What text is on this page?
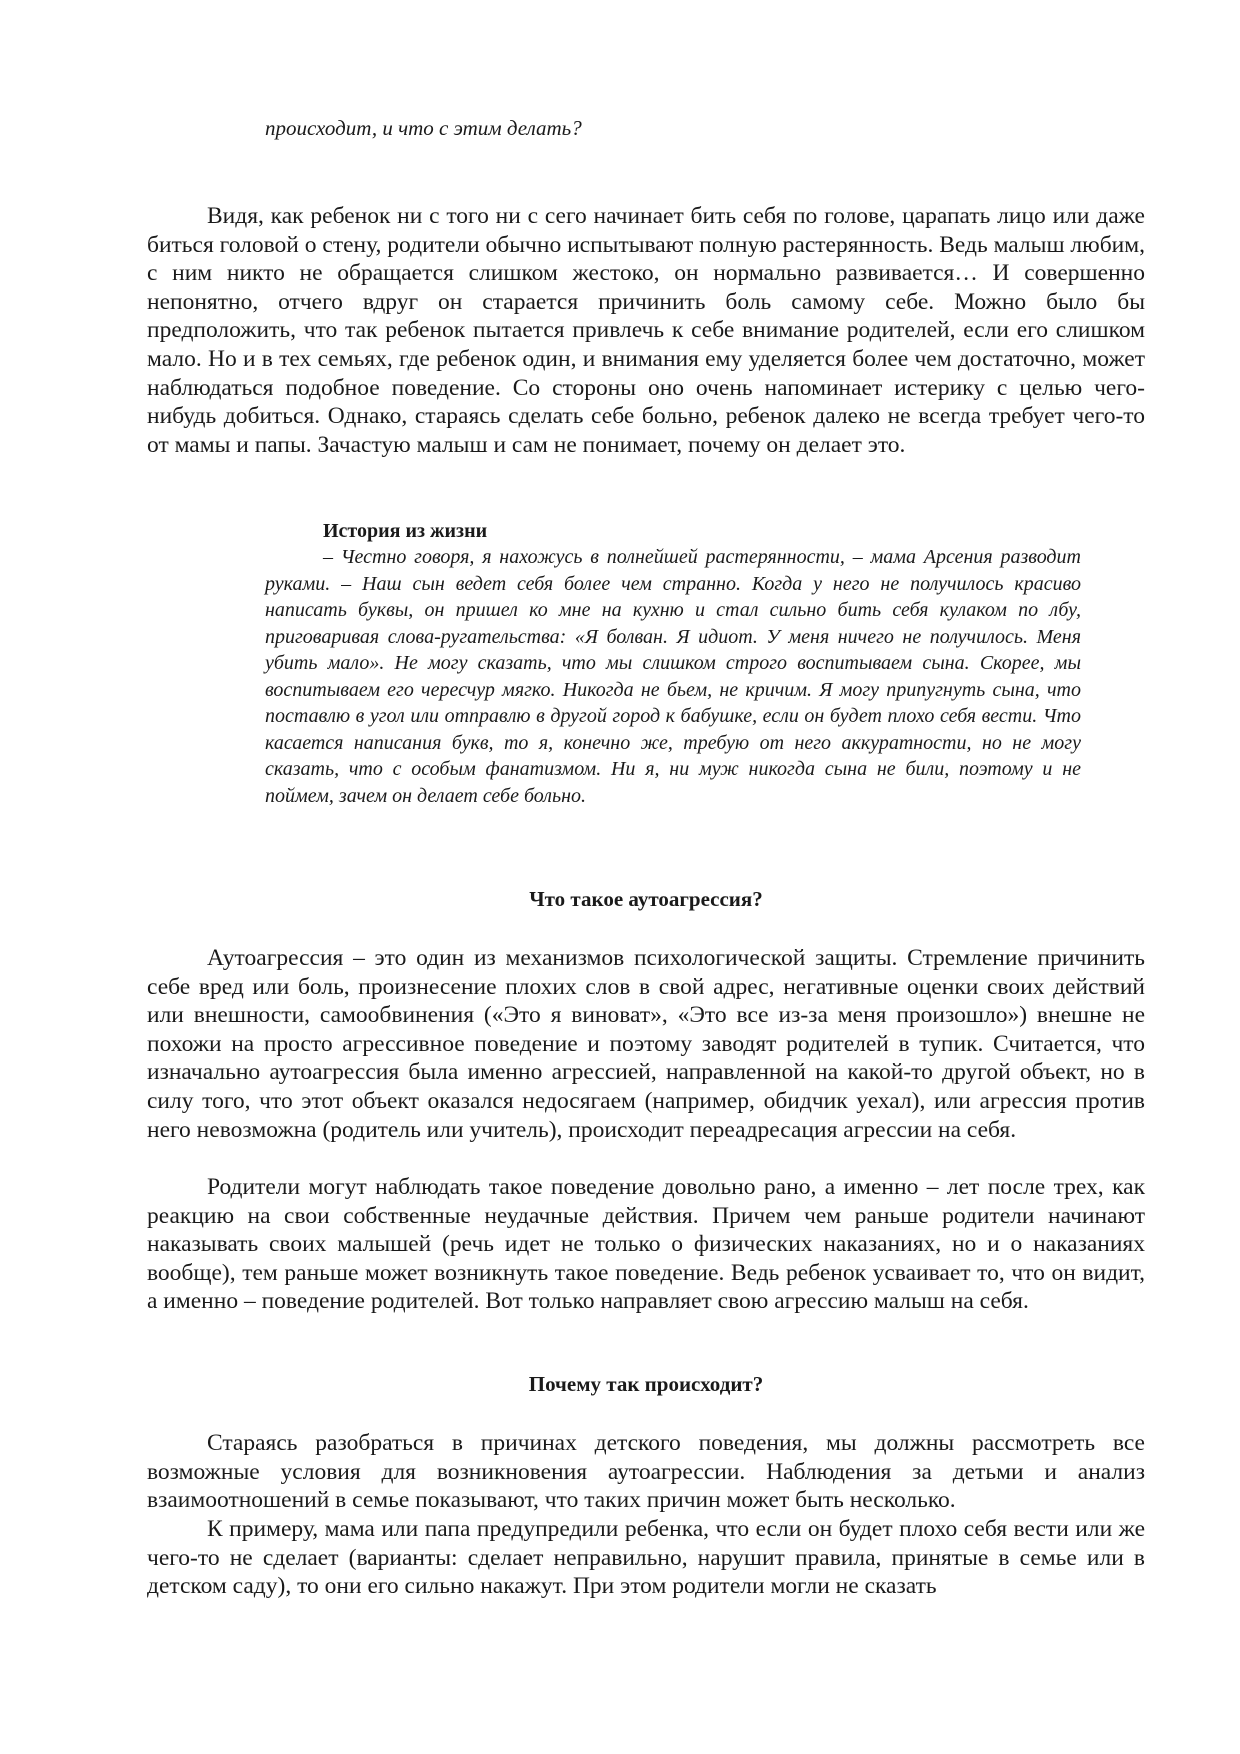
происходит, и что с этим делать?

Видя, как ребенок ни с того ни с сего начинает бить себя по голове, царапать лицо или даже биться головой о стену, родители обычно испытывают полную растерянность. Ведь малыш любим, с ним никто не обращается слишком жестоко, он нормально развивается… И совершенно непонятно, отчего вдруг он старается причинить боль самому себе. Можно было бы предположить, что так ребенок пытается привлечь к себе внимание родителей, если его слишком мало. Но и в тех семьях, где ребенок один, и внимания ему уделяется более чем достаточно, может наблюдаться подобное поведение. Со стороны оно очень напоминает истерику с целью чего-нибудь добиться. Однако, стараясь сделать себе больно, ребенок далеко не всегда требует чего-то от мамы и папы. Зачастую малыш и сам не понимает, почему он делает это.

История из жизни

– Честно говоря, я нахожусь в полнейшей растерянности, – мама Арсения разводит руками. – Наш сын ведет себя более чем странно. Когда у него не получилось красиво написать буквы, он пришел ко мне на кухню и стал сильно бить себя кулаком по лбу, приговаривая слова-ругательства: «Я болван. Я идиот. У меня ничего не получилось. Меня убить мало». Не могу сказать, что мы слишком строго воспитываем сына. Скорее, мы воспитываем его чересчур мягко. Никогда не бьем, не кричим. Я могу припугнуть сына, что поставлю в угол или отправлю в другой город к бабушке, если он будет плохо себя вести. Что касается написания букв, то я, конечно же, требую от него аккуратности, но не могу сказать, что с особым фанатизмом. Ни я, ни муж никогда сына не били, поэтому и не поймем, зачем он делает себе больно.

Что такое аутоагрессия?

Аутоагрессия – это один из механизмов психологической защиты. Стремление причинить себе вред или боль, произнесение плохих слов в свой адрес, негативные оценки своих действий или внешности, самообвинения («Это я виноват», «Это все из-за меня произошло») внешне не похожи на просто агрессивное поведение и поэтому заводят родителей в тупик. Считается, что изначально аутоагрессия была именно агрессией, направленной на какой-то другой объект, но в силу того, что этот объект оказался недосягаем (например, обидчик уехал), или агрессия против него невозможна (родитель или учитель), происходит переадресация агрессии на себя.

Родители могут наблюдать такое поведение довольно рано, а именно – лет после трех, как реакцию на свои собственные неудачные действия. Причем чем раньше родители начинают наказывать своих малышей (речь идет не только о физических наказаниях, но и о наказаниях вообще), тем раньше может возникнуть такое поведение. Ведь ребенок усваивает то, что он видит, а именно – поведение родителей. Вот только направляет свою агрессию малыш на себя.

Почему так происходит?

Стараясь разобраться в причинах детского поведения, мы должны рассмотреть все возможные условия для возникновения аутоагрессии. Наблюдения за детьми и анализ взаимоотношений в семье показывают, что таких причин может быть несколько.

К примеру, мама или папа предупредили ребенка, что если он будет плохо себя вести или же чего-то не сделает (варианты: сделает неправильно, нарушит правила, принятые в семье или в детском саду), то они его сильно накажут. При этом родители могли не сказать
